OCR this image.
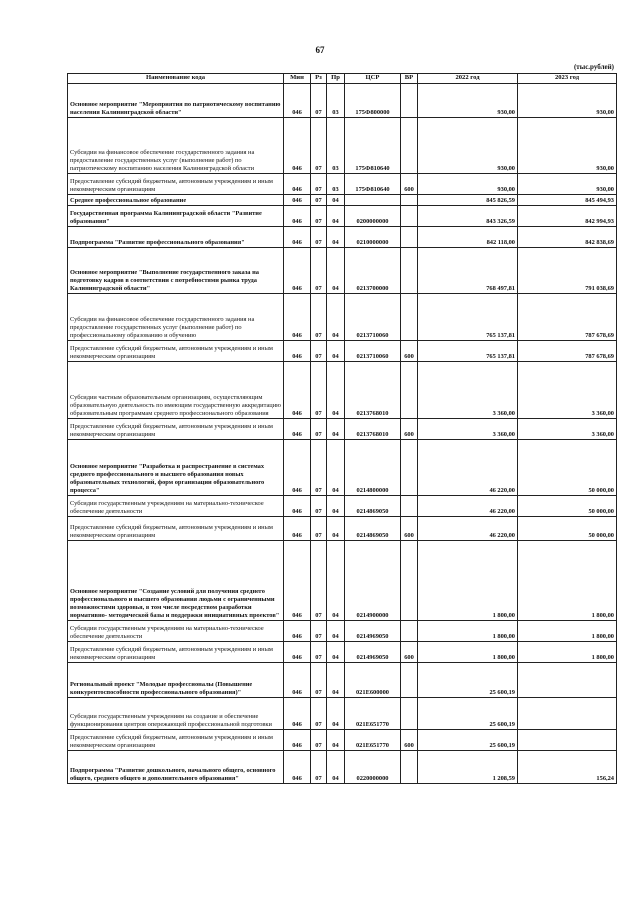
67
(тыс.рублей)
Наименование кода	Мин	Рз	Пр	ЦСР	ВР	2022 год	2023 год
Основное мероприятие "Мероприятия по патриотическому воспитанию населения Калининградской области"	046	07	03	175Ф800000		930,00	930,00
Субсидии на финансовое обеспечение государственного задания на предоставление государственных услуг (выполнение работ) по патриотическому воспитанию населения Калининградской области	046	07	03	175Ф810640		930,00	930,00
Предоставление субсидий бюджетным, автономным учреждениям и иным некоммерческим организациям	046	07	03	175Ф810640	600	930,00	930,00
Среднее профессиональное образование	046	07	04			845 826,59	845 494,93
Государственная программа Калининградской области "Развитие образования"	046	07	04	0200000000		843 326,59	842 994,93
Подпрограмма "Развитие профессионального образования"	046	07	04	0210000000		842 118,00	842 838,69
Основное мероприятие "Выполнение государственного заказа на подготовку кадров в соответствии с потребностями рынка труда Калининградской области"	046	07	04	0213700000		768 497,81	791 038,69
Субсидии на финансовое обеспечение государственного задания на предоставление государственных услуг (выполнение работ) по профессиональному образованию и обучению	046	07	04	0213710060		765 137,81	787 678,69
Предоставление субсидий бюджетным, автономным учреждениям и иным некоммерческим организациям	046	07	04	0213710060	600	765 137,81	787 678,69
Субсидии частным образовательным организациям, осуществляющим образовательную деятельность по имеющим государственную аккредитацию образовательным программам среднего профессионального образования	046	07	04	0213768010		3 360,00	3 360,00
Предоставление субсидий бюджетным, автономным учреждениям и иным некоммерческим организациям	046	07	04	0213768010	600	3 360,00	3 360,00
Основное мероприятие "Разработка и распространение в системах среднего профессионального и высшего образования новых образовательных технологий, форм организации образовательного процесса"	046	07	04	0214800000		46 220,00	50 000,00
Субсидии государственным учреждениям на материально-техническое обеспечение деятельности	046	07	04	0214869050		46 220,00	50 000,00
Предоставление субсидий бюджетным, автономным учреждениям и иным некоммерческим организациям	046	07	04	0214869050	600	46 220,00	50 000,00
Основное мероприятие "Создание условий для получения среднего профессионального и высшего образования людьми с ограниченными возможностями здоровья, в том числе посредством разработки нормативно- методической базы и поддержки инициативных проектов"	046	07	04	0214900000		1 800,00	1 800,00
Субсидии государственным учреждениям на материально-техническое обеспечение деятельности	046	07	04	0214969050		1 800,00	1 800,00
Предоставление субсидий бюджетным, автономным учреждениям и иным некоммерческим организациям	046	07	04	0214969050	600	1 800,00	1 800,00
Региональный проект "Молодые профессионалы (Повышение конкурентоспособности профессионального образования)"	046	07	04	021E600000		25 600,19	
Субсидии государственным учреждениям на создание и обеспечение функционирования центров опережающей профессиональной подготовки	046	07	04	021E651770		25 600,19	
Предоставление субсидий бюджетным, автономным учреждениям и иным некоммерческим организациям	046	07	04	021E651770	600	25 600,19	
Подпрограмма "Развитие дошкольного, начального общего, основного общего, среднего общего и дополнительного образования"	046	07	04	0220000000		1 208,59	156,24
